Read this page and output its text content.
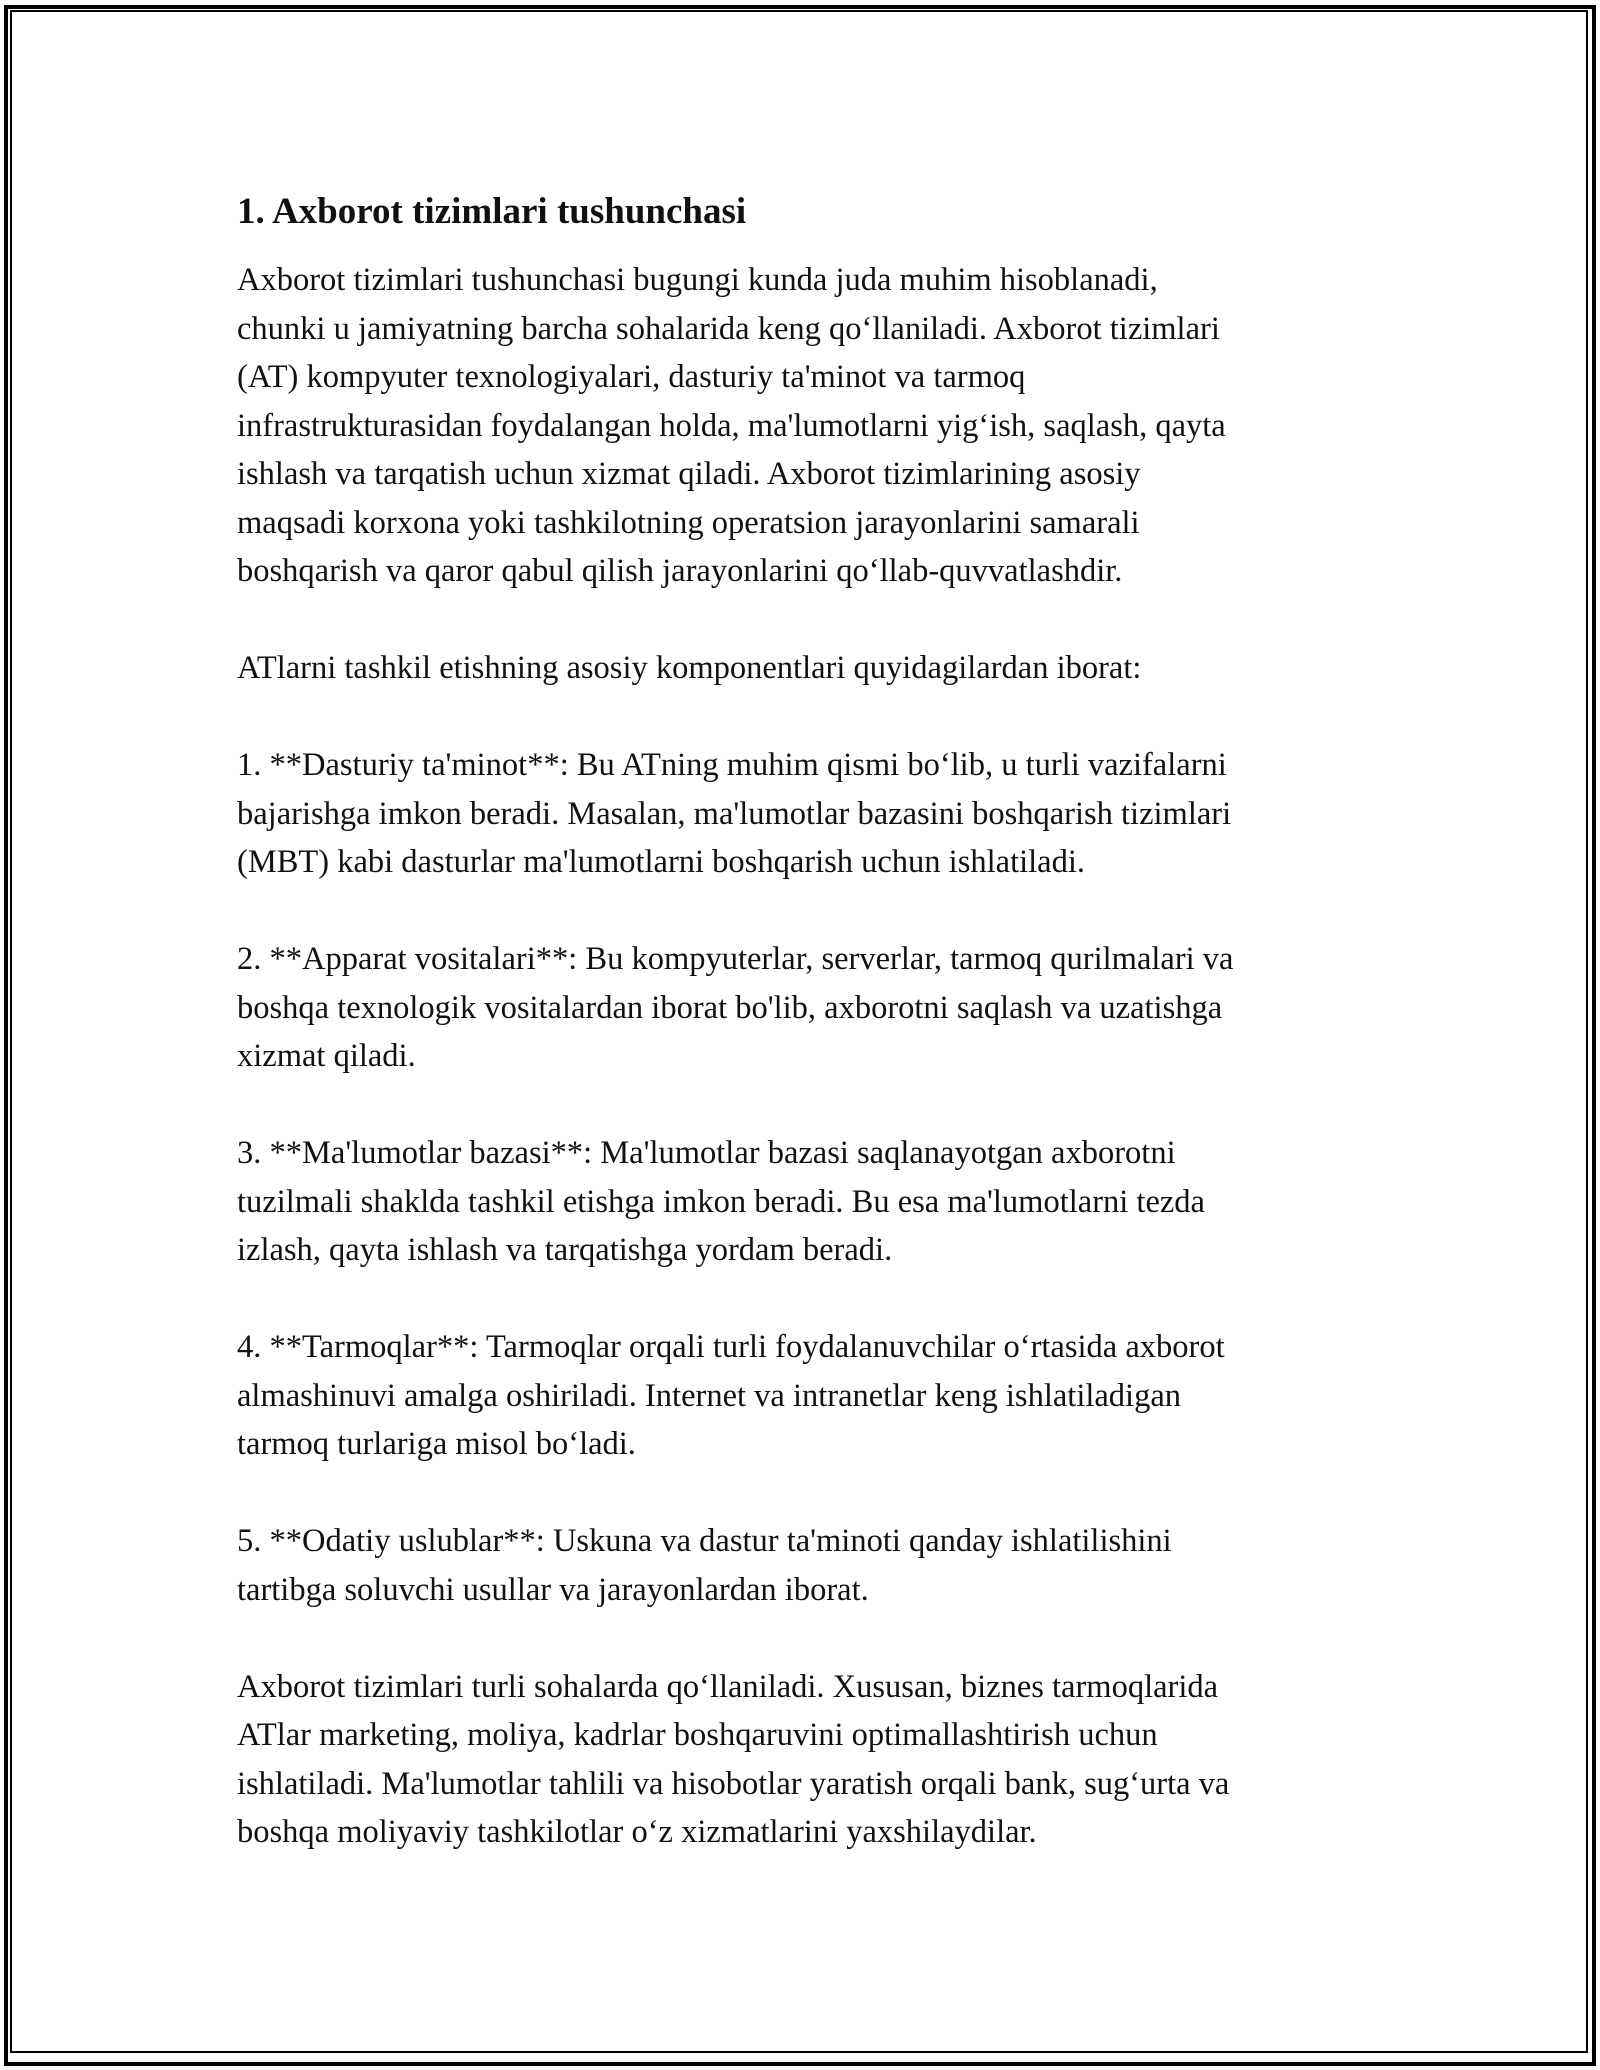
1. Axborot tizimlari tushunchasi
Axborot tizimlari tushunchasi bugungi kunda juda muhim hisoblanadi,
chunki u jamiyatning barcha sohalarida keng qo‘llaniladi. Axborot tizimlari
(AT) kompyuter texnologiyalari, dasturiy ta'minot va tarmoq
infrastrukturasidan foydalangan holda, ma'lumotlarni yig‘ish, saqlash, qayta
ishlash va tarqatish uchun xizmat qiladi. Axborot tizimlarining asosiy
maqsadi korxona yoki tashkilotning operatsion jarayonlarini samarali
boshqarish va qaror qabul qilish jarayonlarini qo‘llab-quvvatlashdir.
ATlarni tashkil etishning asosiy komponentlari quyidagilardan iborat:
1. **Dasturiy ta'minot**: Bu ATning muhim qismi bo‘lib, u turli vazifalarni
bajarishga imkon beradi. Masalan, ma'lumotlar bazasini boshqarish tizimlari
(MBT) kabi dasturlar ma'lumotlarni boshqarish uchun ishlatiladi.
2. **Apparat vositalari**: Bu kompyuterlar, serverlar, tarmoq qurilmalari va
boshqa texnologik vositalardan iborat bo'lib, axborotni saqlash va uzatishga
xizmat qiladi.
3. **Ma'lumotlar bazasi**: Ma'lumotlar bazasi saqlanayotgan axborotni
tuzilmali shakldа tashkil etishga imkon beradi. Bu esa ma'lumotlarni tezda
izlash, qayta ishlash va tarqatishga yordam beradi.
4. **Tarmoqlar**: Tarmoqlar orqali turli foydalanuvchilar o‘rtasida axborot
almashinuvi amalga oshiriladi. Internet va intranetlar keng ishlatiladigan
tarmoq turlariga misol bo‘ladi.
5. **Odatiy uslublar**: Uskuna va dastur ta'minoti qanday ishlatilishini
tartibga soluvchi usullar va jarayonlardan iborat.
Axborot tizimlari turli sohalarda qo‘llaniladi. Xususan, biznes tarmoqlarida
ATlar marketing, moliya, kadrlar boshqaruvini optimallashtirish uchun
ishlatiladi. Ma'lumotlar tahlili va hisobotlar yaratish orqali bank, sug‘urta va
boshqa moliyaviy tashkilotlar o‘z xizmatlarini yaxshilaydilar.
